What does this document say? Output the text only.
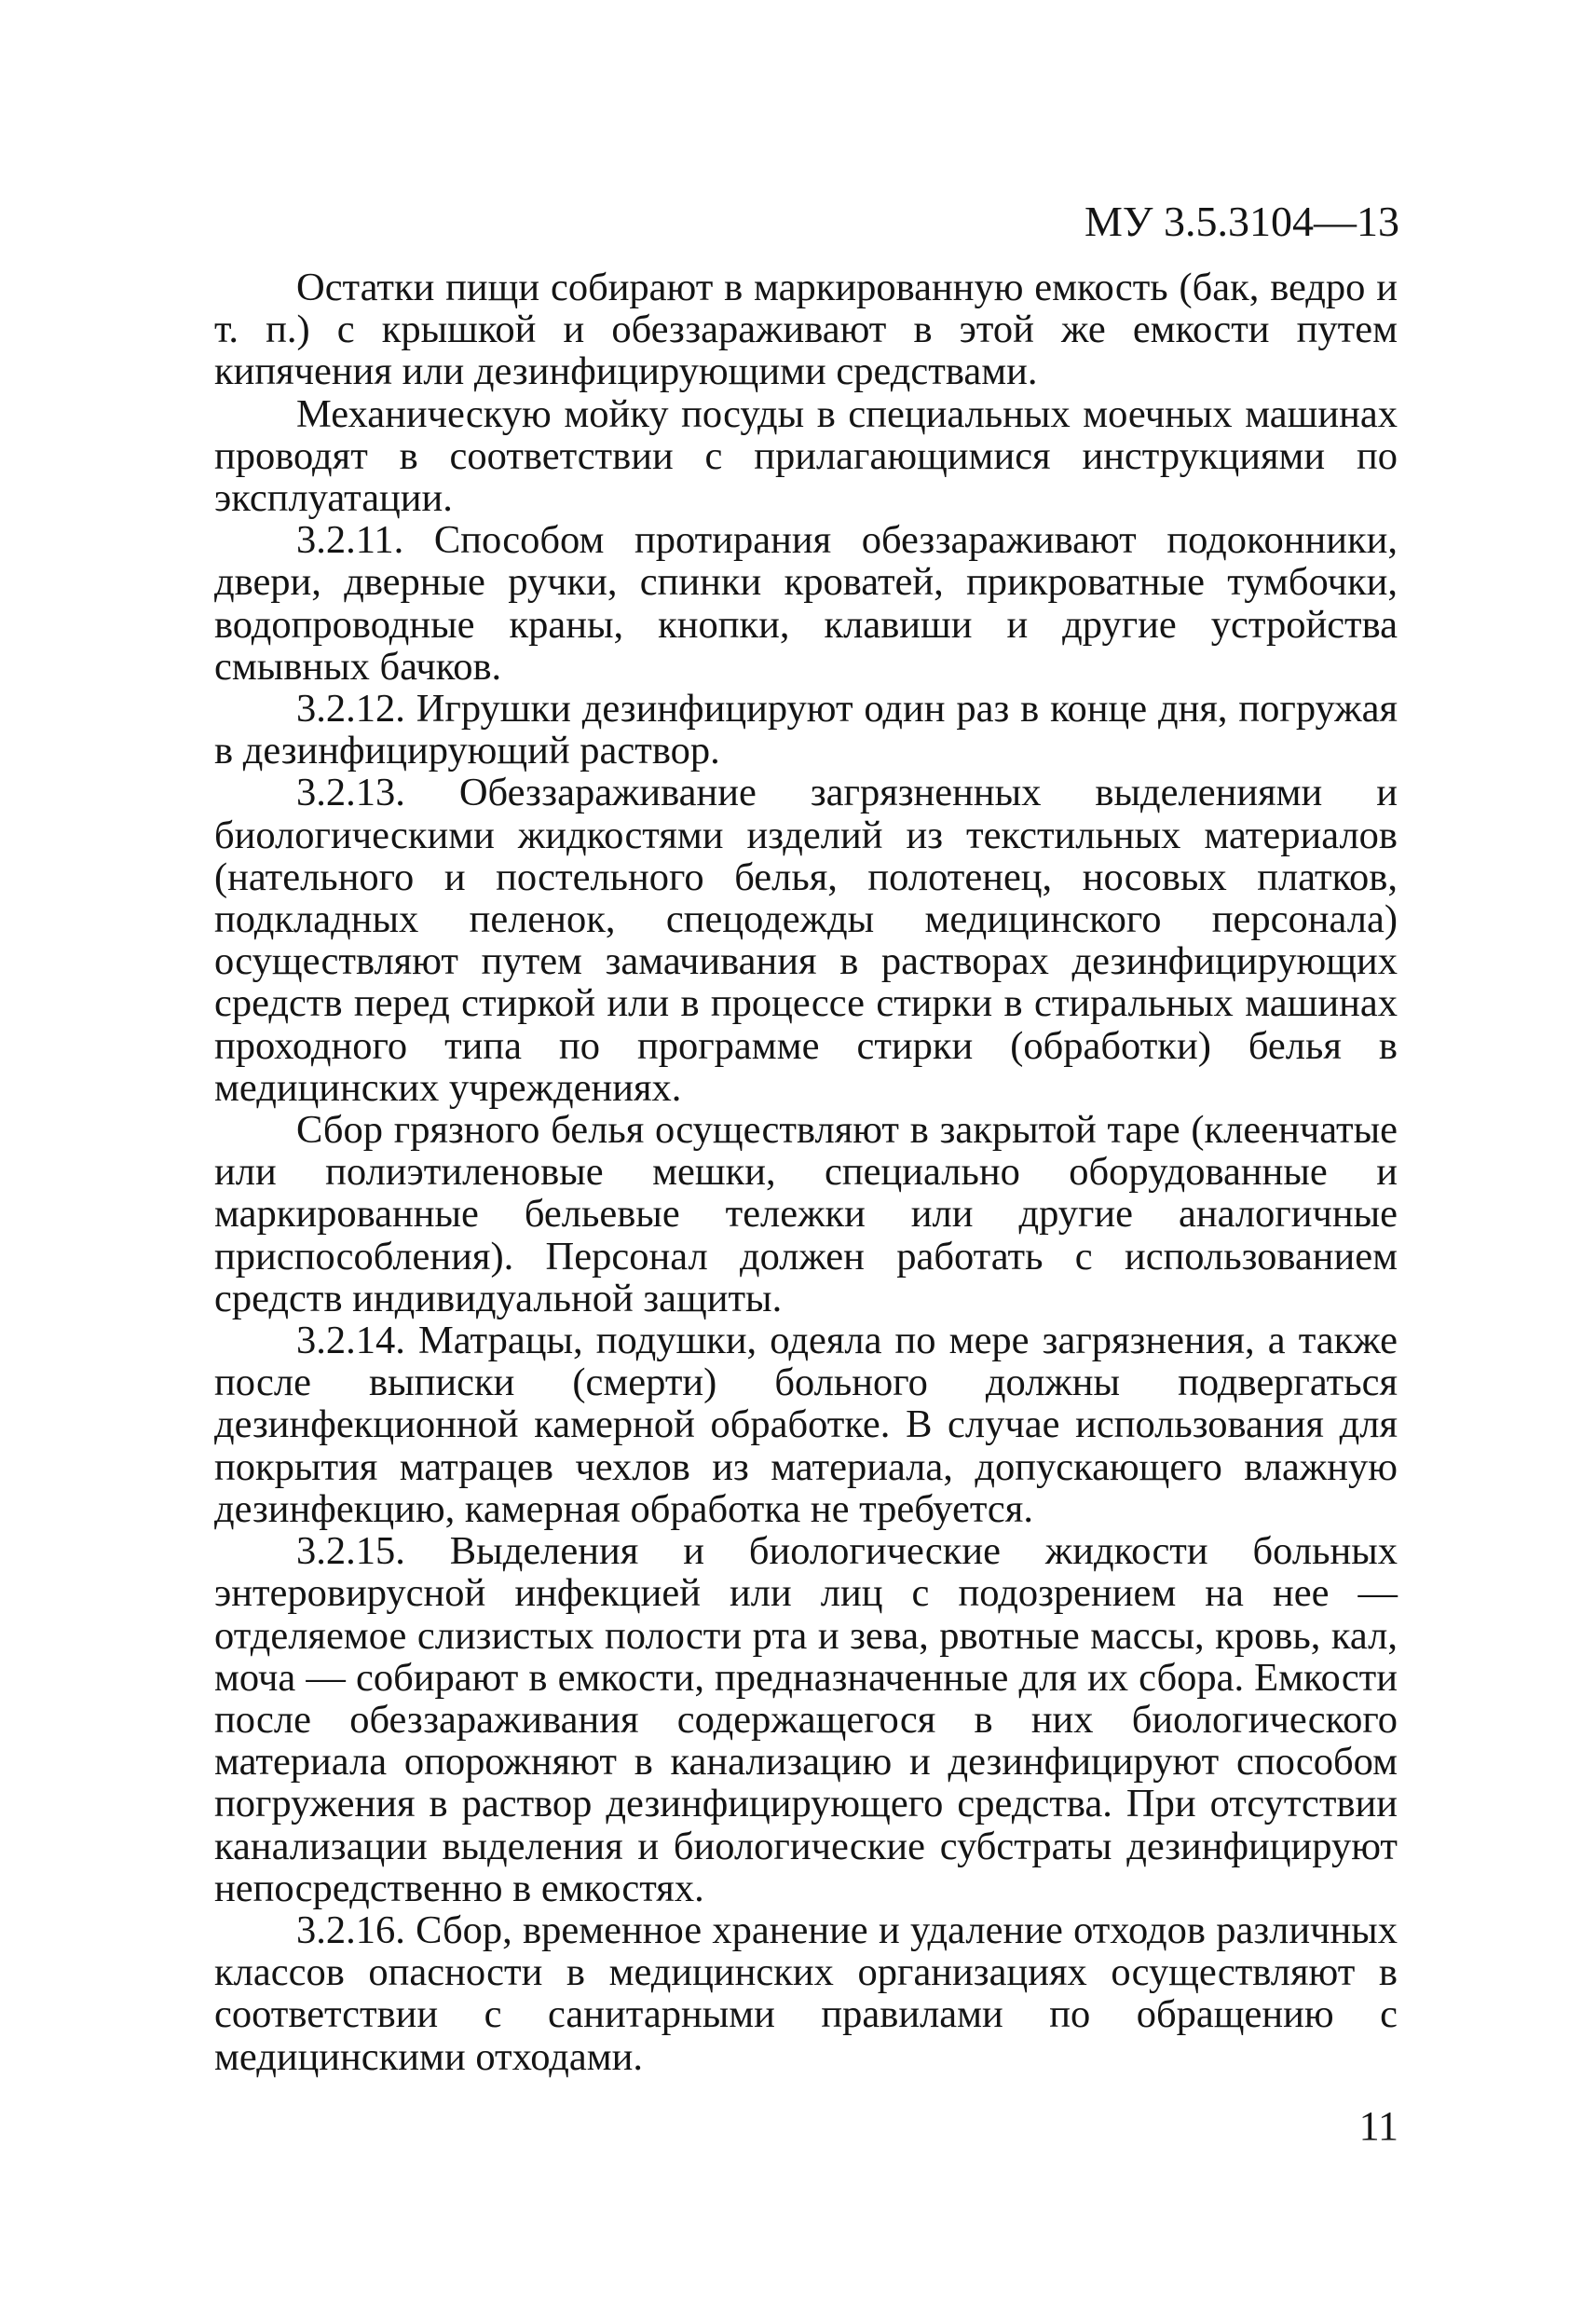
МУ 3.5.3104—13

Остатки пищи собирают в маркированную емкость (бак, ведро и т. п.) с крышкой и обеззараживают в этой же емкости путем кипячения или дезинфицирующими средствами.

Механическую мойку посуды в специальных моечных машинах проводят в соответствии с прилагающимися инструкциями по эксплуатации.

3.2.11. Способом протирания обеззараживают подоконники, двери, дверные ручки, спинки кроватей, прикроватные тумбочки, водопроводные краны, кнопки, клавиши и другие устройства смывных бачков.

3.2.12. Игрушки дезинфицируют один раз в конце дня, погружая в дезинфицирующий раствор.

3.2.13. Обеззараживание загрязненных выделениями и биологическими жидкостями изделий из текстильных материалов (нательного и постельного белья, полотенец, носовых платков, подкладных пеленок, спецодежды медицинского персонала) осуществляют путем замачивания в растворах дезинфицирующих средств перед стиркой или в процессе стирки в стиральных машинах проходного типа по программе стирки (обработки) белья в медицинских учреждениях.

Сбор грязного белья осуществляют в закрытой таре (клеенчатые или полиэтиленовые мешки, специально оборудованные и маркированные бельевые тележки или другие аналогичные приспособления). Персонал должен работать с использованием средств индивидуальной защиты.

3.2.14. Матрацы, подушки, одеяла по мере загрязнения, а также после выписки (смерти) больного должны подвергаться дезинфекционной камерной обработке. В случае использования для покрытия матрацев чехлов из материала, допускающего влажную дезинфекцию, камерная обработка не требуется.

3.2.15. Выделения и биологические жидкости больных энтеровирусной инфекцией или лиц с подозрением на нее — отделяемое слизистых полости рта и зева, рвотные массы, кровь, кал, моча — собирают в емкости, предназначенные для их сбора. Емкости после обеззараживания содержащегося в них биологического материала опорожняют в канализацию и дезинфицируют способом погружения в раствор дезинфицирующего средства. При отсутствии канализации выделения и биологические субстраты дезинфицируют непосредственно в емкостях.

3.2.16. Сбор, временное хранение и удаление отходов различных классов опасности в медицинских организациях осуществляют в соответствии с санитарными правилами по обращению с медицинскими отходами.

11
